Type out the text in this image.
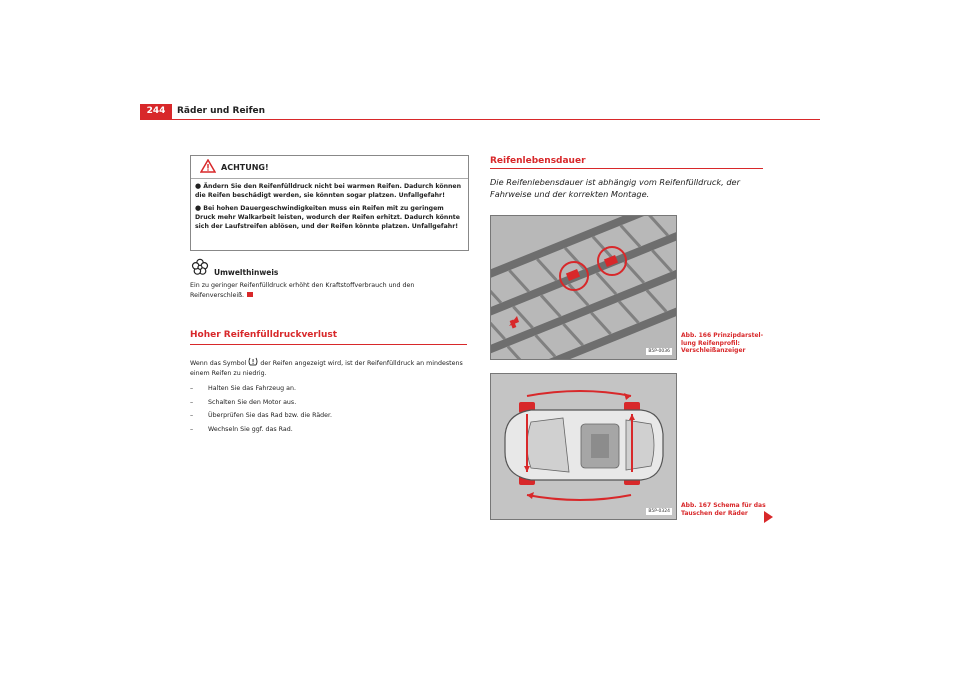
244	Räder und Reifen
ACHTUNG!

● Ändern Sie den Reifenfülldruck nicht bei warmen Reifen. Dadurch können die Reifen beschädigt werden, sie könnten sogar platzen. Unfallgefahr!

● Bei hohen Dauergeschwindigkeiten muss ein Reifen mit zu geringem Druck mehr Walkarbeit leisten, wodurch der Reifen erhitzt. Dadurch könnte sich der Laufstreifen ablösen, und der Reifen könnte platzen. Unfallgefahr!

Umwelthinweis
Ein zu geringer Reifenfülldruck erhöht den Kraftstoffverbrauch und den Reifenverschleiß.
Hoher Reifenfülldruckverlust
Wenn das Symbol der Reifen angezeigt wird, ist der Reifenfülldruck an mindestens einem Reifen zu niedrig.
– Halten Sie das Fahrzeug an.
– Schalten Sie den Motor aus.
– Überprüfen Sie das Rad bzw. die Räder.
– Wechseln Sie ggf. das Rad.
Reifenlebensdauer
Die Reifenlebensdauer ist abhängig vom Reifenfülldruck, der Fahrweise und der korrekten Montage.
B5P-0036
B5P-0324
Abb. 166 Prinzipdarstel-lung Reifenprofil: Verschleißanzeiger
Abb. 167 Schema für das Tauschen der Räder
